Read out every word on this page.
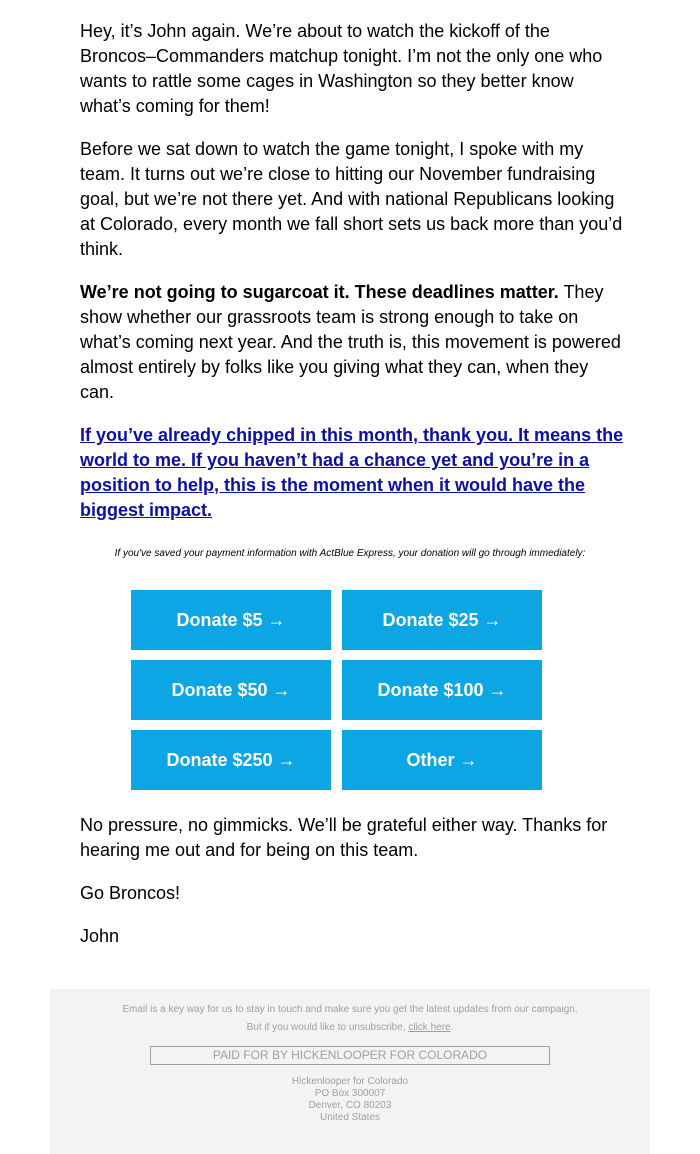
Hey, it’s John again. We’re about to watch the kickoff of the Broncos–Commanders matchup tonight. I’m not the only one who wants to rattle some cages in Washington so they better know what’s coming for them!

Before we sat down to watch the game tonight, I spoke with my team. It turns out we’re close to hitting our November fundraising goal, but we’re not there yet. And with national Republicans looking at Colorado, every month we fall short sets us back more than you’d think.

We’re not going to sugarcoat it. These deadlines matter. They show whether our grassroots team is strong enough to take on what’s coming next year. And the truth is, this movement is powered almost entirely by folks like you giving what they can, when they can.

If you’ve already chipped in this month, thank you. It means the world to me. If you haven’t had a chance yet and you’re in a position to help, this is the moment when it would have the biggest impact.

If you've saved your payment information with ActBlue Express, your donation will go through immediately:
Donate $5 →	Donate $25 →
Donate $50 →	Donate $100 →
Donate $250 →	Other →

No pressure, no gimmicks. We’ll be grateful either way. Thanks for hearing me out and for being on this team.

Go Broncos!

John

Email is a key way for us to stay in touch and make sure you get the latest updates from our campaign. But if you would like to unsubscribe, click here.
PAID FOR BY HICKENLOOPER FOR COLORADO
Hickenlooper for Colorado
PO Box 300007
Denver, CO 80203
United States
